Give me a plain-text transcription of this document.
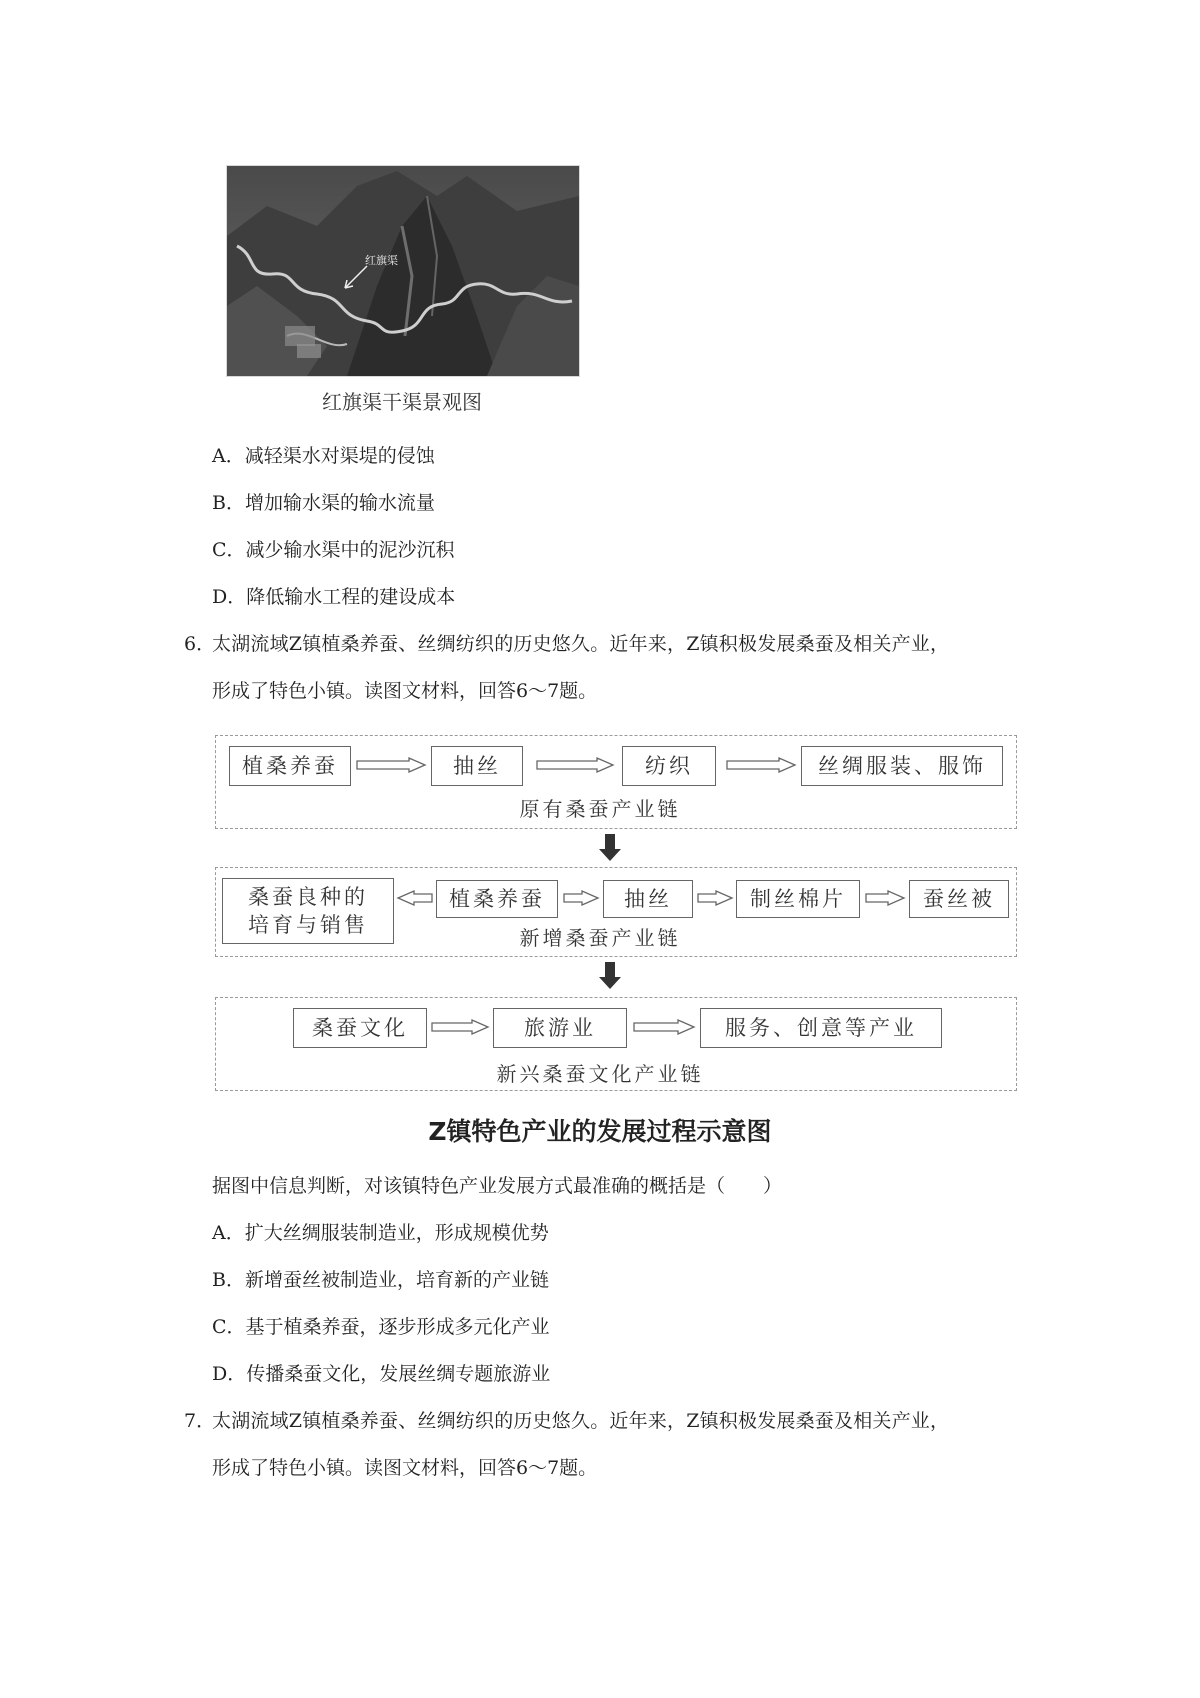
红旗渠
红旗渠干渠景观图
A．减轻渠水对渠堤的侵蚀
B．增加输水渠的输水流量
C．减少输水渠中的泥沙沉积
D．降低输水工程的建设成本
6．
太湖流域Z镇植桑养蚕、丝绸纺织的历史悠久。近年来，Z镇积极发展桑蚕及相关产业，
形成了特色小镇。读图文材料，回答6～7题。
植桑养蚕	抽丝	纺织	丝绸服装、服饰
原有桑蚕产业链
桑蚕良种的
培育与销售
植桑养蚕	抽丝	制丝棉片	蚕丝被
新增桑蚕产业链
桑蚕文化	旅游业	服务、创意等产业
新兴桑蚕文化产业链
Z镇特色产业的发展过程示意图
据图中信息判断，对该镇特色产业发展方式最准确的概括是（　　）
A．扩大丝绸服装制造业，形成规模优势
B．新增蚕丝被制造业，培育新的产业链
C．基于植桑养蚕，逐步形成多元化产业
D．传播桑蚕文化，发展丝绸专题旅游业
7．
太湖流域Z镇植桑养蚕、丝绸纺织的历史悠久。近年来，Z镇积极发展桑蚕及相关产业，
形成了特色小镇。读图文材料，回答6～7题。
